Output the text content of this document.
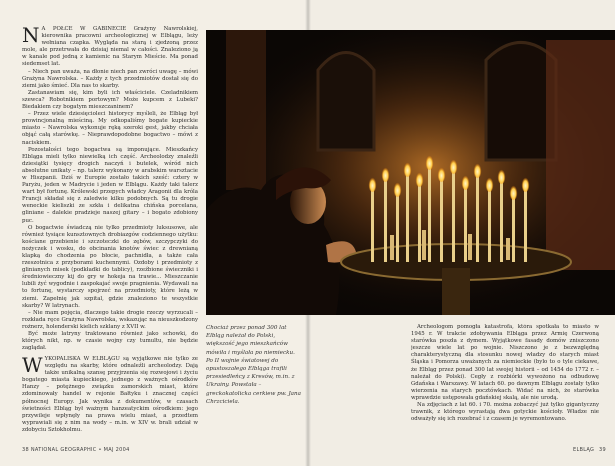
N A PÓŁCE W GABINECIE Grażyny Nawrolskiej, kierownika pracowni archeologicznej w Elblągu, leży wełniana czapka. Wygląda na starą i zjedzoną przez mole, ale przetrwała do dzisiaj niemal w całości. Znaleziono ją w kanale pod jedną z kamienic na Starym Mieście. Ma ponad siedemset lat.

– Niech pan uważa, na dłonie niech pan zwróci uwagę – mówi Grażyna Nawrolska. – Każdy z tych przedmiotów dostał się do ziemi jako śmieć. Dla nas to skarby.

Zastanawiam się, kim byli ich właściciele. Czeladnikiem szewca? Robotnikiem portowym? Może kupcem z Lubeki? Biedakiem czy bogatym mieszczaninem?

– Przez wiele dziesięcioleci historycy myśleli, że Elbląg był prowincjonalną mieściną. My odkopaliśmy bogate kupieckie miasto – Nawrolska wykonuje ręką szeroki gest, jakby chciała objąć całą starówkę. – Nieprawdopodobne bogactwo – mówi z naciskiem.

Pozostałości tego bogactwa są imponujące. Mieszkańcy Elbląga mieli tylko niewielką ich część. Archeolodzy znaleźli dziesiątki tysięcy drogich naczyń i butelek, wśród nich absolutne unikaty – np. talerz wykonany w arabskim warsztacie w Hiszpanii. Dziś w Europie zostało takich sześć: cztery w Paryżu, jeden w Madrycie i jeden w Elblągu. Każdy taki talerz wart był fortunę. Królewski przepych władcy Aragonii dla króla Francji składał się z zaledwie kilku podobnych. Są tu drogie weneckie kieliszki ze szkła i delikatna chińska porcelana, gliniane – dalekie pradzieje naszej gitary – i bogato zdobiony puc.

O bogactwie świadczą nie tylko przedmioty luksusowe, ale również tysiące kunsztownych drobiazgów codziennego użytku: kościane grzebienie i szczoteczki do zębów, szczypczyki do nożyczek i wosku, do obcinania knotów świec z drewnianą klapką do chodzenia po błocie, pachnidła, a także cała rzeszotnica z przyborami kuchennymi. Ozdoby i przedmioty z glinianych misek (podkładki do tablicy), rzeźbione świeczniki i średniowieczny kij do gry w hokeja na trawie... Mieszczanie lubili żyć wygodnie i zaspokajać swoje pragnienia. Wydawali na to fortunę, wystarczy spojrzeć na przedmioty, które leżą w ziemi. Zapełnię jak szpital, gdzie znaleziono te wszystkie skarby? W latrynach.

– Nie mam pojęcia, dlaczego takie drogie rzeczy wyrzucali – rozkłada ręce Grażyna Nawrolska, wskazując na nieuszkodzony rożnerz, holenderski kielich szklany z XVII w.

Być może latryny traktowano również jako schowki, do których nikt, np. w czasie wojny czy tumultu, nie będzie zaglądał.

W YKOPALISKA W ELBLĄGU są wyjątkowe nie tylko ze względu na skarby, które odnaleźli archeolodzy. Dają także unikalną szansę przyjrzenia się rozwojowi i życiu bogatego miasta kupieckiego, jednego z ważnych ośrodków Hanzy – potężnego związku zamorskich miast, które zdominowały handel w rejonie Bałtyku i znacznej części północnej Europy. Jak wynika z dokumentów, w czasach świetności Elbląg był ważnym hanzeatyckim ośrodkiem: jego przywileje wpłynęły na prawa wielu miast, a przedtem wyprawiali się z nim na wody – m.in. w XIV w. brali udział w zdobyciu Sztokholmu.

38 NATIONAL GEOGRAPHIC • MAJ 2004

Archeologom pomogła katastrofa, która spotkała to miasto w 1945 r. W trakcie zdobywania Elbląga przez Armię Czerwoną starówka poszła z dymem. Wyjątkowe fasady domów zniszczono jeszcze wiele lat po wojnie. Niszczono je z bezwzględną charakterystyczną dla stosunku nowej władzy do starych miast Śląska i Pomorza uważanych za niemieckie (bylo to o tyle ciekawe, że Elbląg przez ponad 300 lat swojej historii – od 1454 do 1772 r. – należał do Polski). Cegły z rozbiórki wywożono na odbudowę Gdańska i Warszawy. W latach 60. po dawnym Elblągu zostały tylko wierzenia na starych pocztówkach. Widać na nich, że starówka wprawdzie ustępowała gdańskiej skalą, ale nie urodą.

Na zdjęciach z lat 60. i 70. można zobaczyć już tylko gigantyczny trawnik, z którego wyrastają dwa gotyckie kościoły. Władze nie odważyły się ich rozebrać i z czasem je wyremontowano.

ELBLĄG 39
Chociaż przez ponad 300 lat Elbląg należał do Polski, większość jego mieszkańców mówiła i myślała po niemiecku. Po II wojnie światowej do opustoszałego Elbląga trafili przesiedleńcy z Kresów, m.in. z Ukrainy. Powstała – greckokatolicka cerkiew pw. Jana Chrzciciela.
